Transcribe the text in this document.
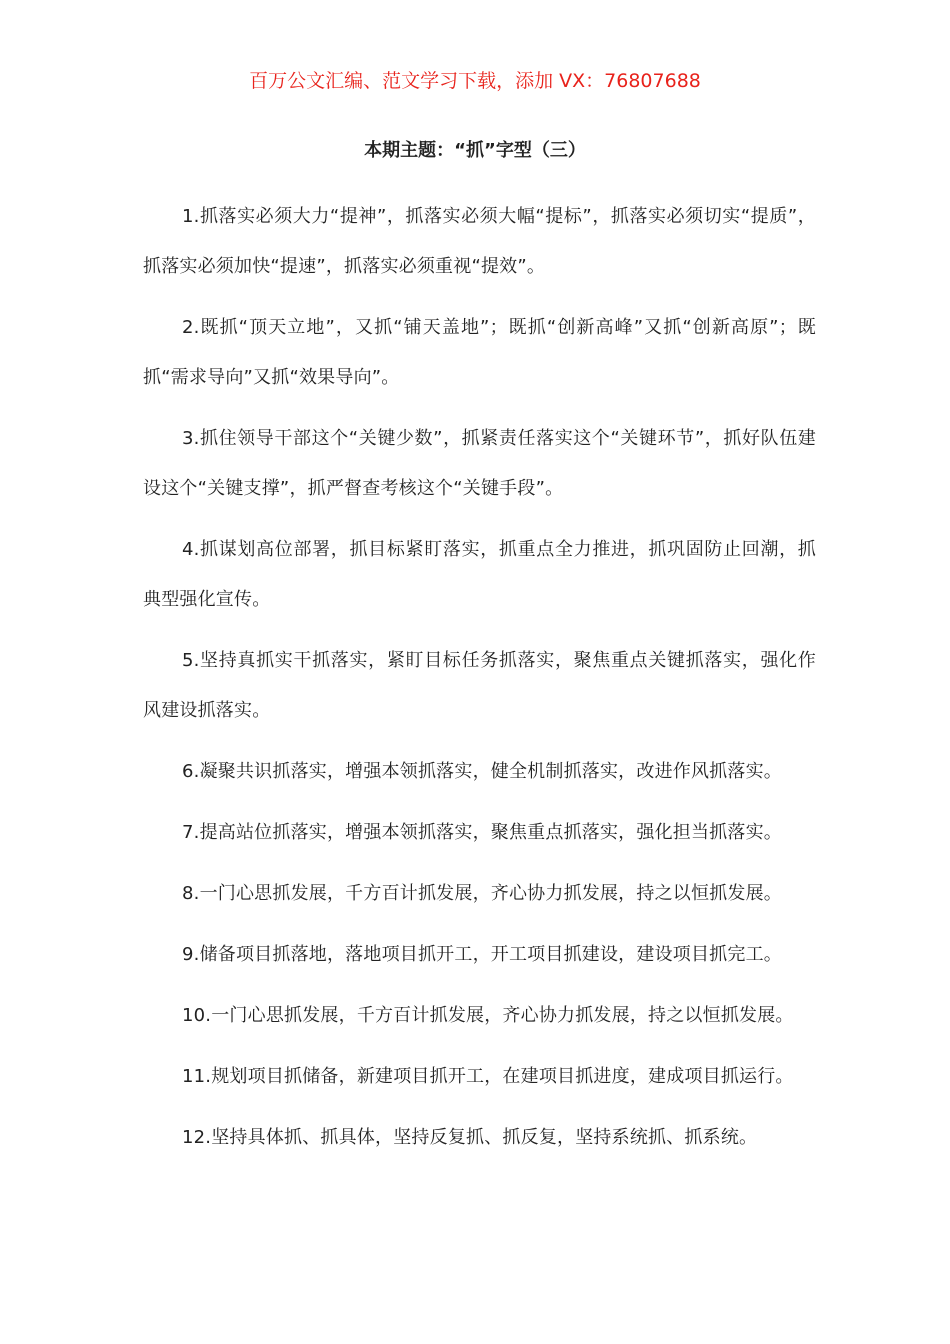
百万公文汇编、范文学习下载，添加 VX：76807688
本期主题：“抓”字型（三）

1.抓落实必须大力“提神”，抓落实必须大幅“提标”，抓落实必须切实“提质”，抓落实必须加快“提速”，抓落实必须重视“提效”。

2.既抓“顶天立地”，又抓“铺天盖地”；既抓“创新高峰”又抓“创新高原”；既抓“需求导向”又抓“效果导向”。

3.抓住领导干部这个“关键少数”，抓紧责任落实这个“关键环节”，抓好队伍建设这个“关键支撑”，抓严督查考核这个“关键手段”。

4.抓谋划高位部署，抓目标紧盯落实，抓重点全力推进，抓巩固防止回潮，抓典型强化宣传。

5.坚持真抓实干抓落实，紧盯目标任务抓落实，聚焦重点关键抓落实，强化作风建设抓落实。

6.凝聚共识抓落实，增强本领抓落实，健全机制抓落实，改进作风抓落实。

7.提高站位抓落实，增强本领抓落实，聚焦重点抓落实，强化担当抓落实。

8.一门心思抓发展，千方百计抓发展，齐心协力抓发展，持之以恒抓发展。

9.储备项目抓落地，落地项目抓开工，开工项目抓建设，建设项目抓完工。

10.一门心思抓发展，千方百计抓发展，齐心协力抓发展，持之以恒抓发展。

11.规划项目抓储备，新建项目抓开工，在建项目抓进度，建成项目抓运行。

12.坚持具体抓、抓具体，坚持反复抓、抓反复，坚持系统抓、抓系统。
